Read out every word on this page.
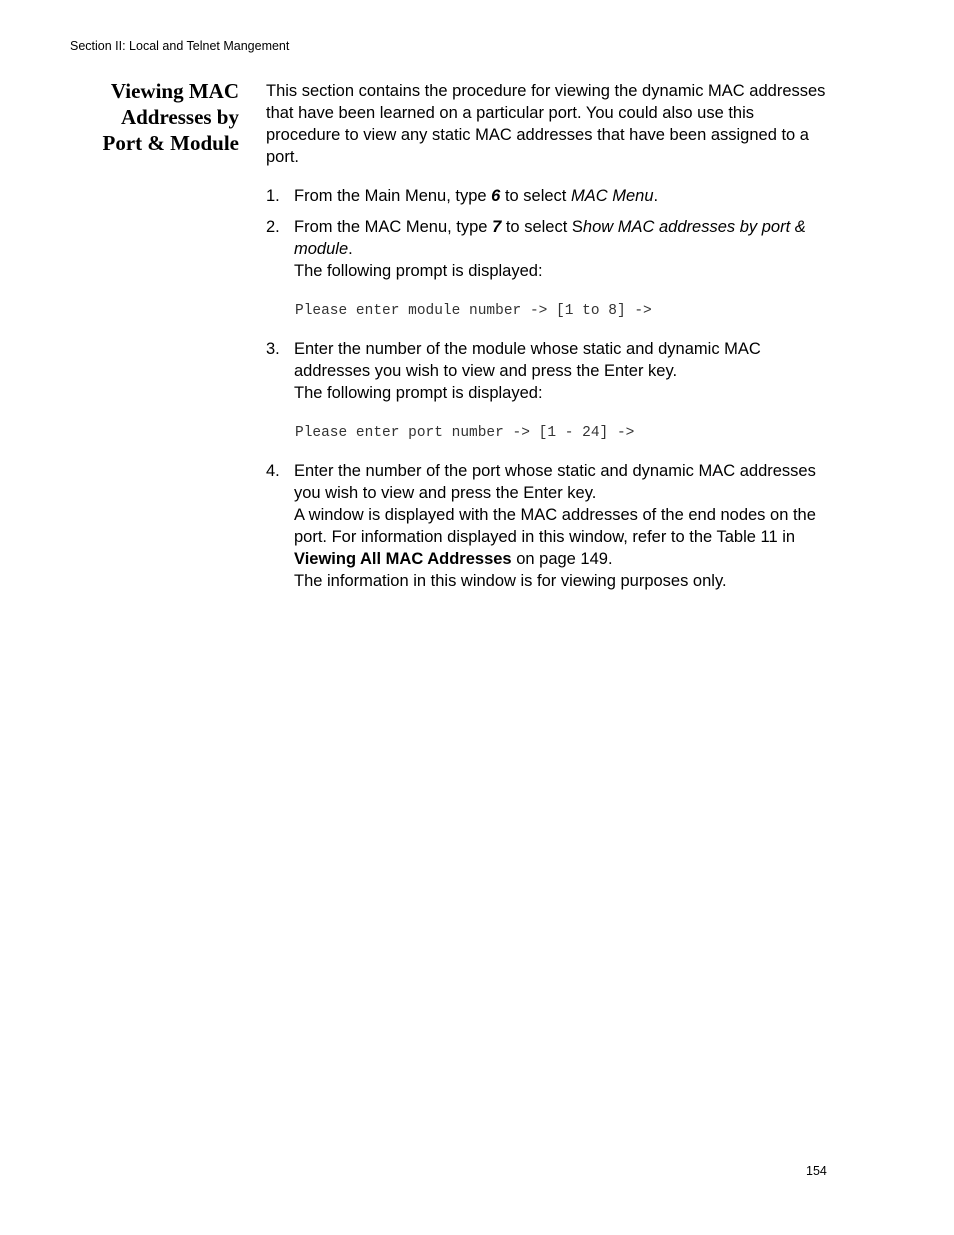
Section II: Local and Telnet Mangement
Viewing MAC
Addresses by
Port & Module

This section contains the procedure for viewing the dynamic MAC addresses that have been learned on a particular port. You could also use this procedure to view any static MAC addresses that have been assigned to a port.

1. From the Main Menu, type 6 to select MAC Menu.
2. From the MAC Menu, type 7 to select Show MAC addresses by port & module.

The following prompt is displayed:

Please enter module number -> [1 to 8] ->

3. Enter the number of the module whose static and dynamic MAC addresses you wish to view and press the Enter key.

The following prompt is displayed:

Please enter port number -> [1 - 24] ->

4. Enter the number of the port whose static and dynamic MAC addresses you wish to view and press the Enter key.

A window is displayed with the MAC addresses of the end nodes on the port. For information displayed in this window, refer to the Table 11 in Viewing All MAC Addresses on page 149.

The information in this window is for viewing purposes only.

154
